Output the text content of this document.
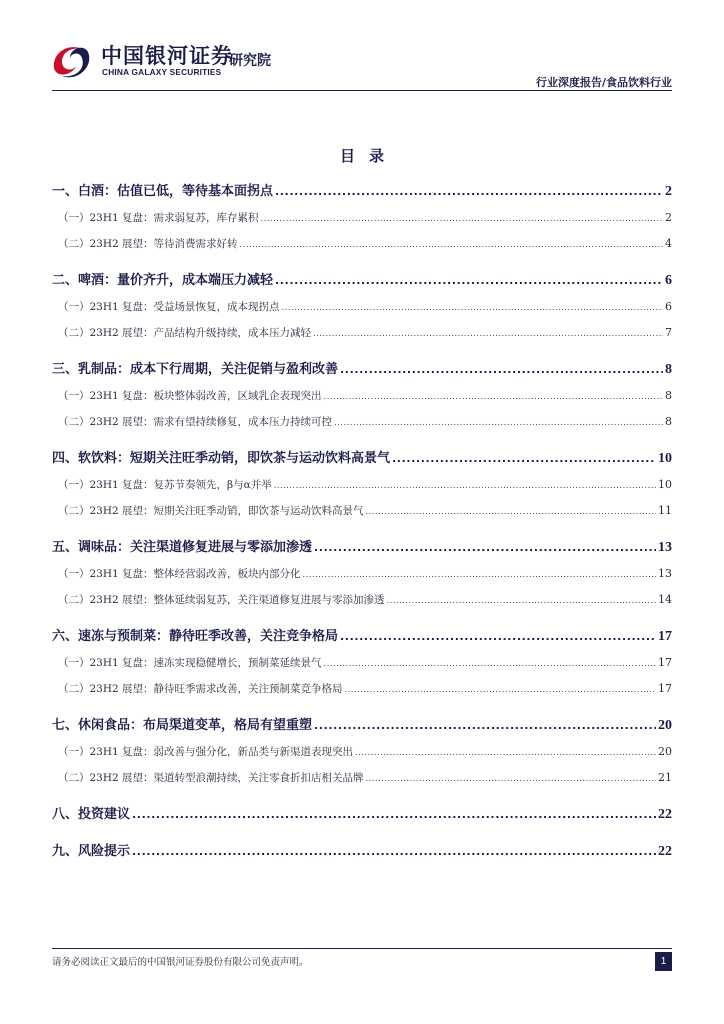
中国银河证券
CHINA GALAXY SECURITIES
研究院
行业深度报告/食品饮料行业
目录
一、白酒：估值已低，等待基本面拐点 .....	2
（一）23H1 复盘：需求弱复苏，库存累积 .....	2
（二）23H2 展望：等待消费需求好转 .....	4
二、啤酒：量价齐升，成本端压力减轻 .....	6
（一）23H1 复盘：受益场景恢复，成本现拐点 .....	6
（二）23H2 展望：产品结构升级持续，成本压力减轻 .....	7
三、乳制品：成本下行周期，关注促销与盈利改善 .....	8
（一）23H1 复盘：板块整体弱改善，区域乳企表现突出 .....	8
（二）23H2 展望：需求有望持续修复，成本压力持续可控 .....	8
四、软饮料：短期关注旺季动销，即饮茶与运动饮料高景气 .....	10
（一）23H1 复盘：复苏节奏领先，β与α并举 .....	10
（二）23H2 展望：短期关注旺季动销，即饮茶与运动饮料高景气 .....	11
五、调味品：关注渠道修复进展与零添加渗透 .....	13
（一）23H1 复盘：整体经营弱改善，板块内部分化 .....	13
（二）23H2 展望：整体延续弱复苏，关注渠道修复进展与零添加渗透 .....	14
六、速冻与预制菜：静待旺季改善，关注竞争格局 .....	17
（一）23H1 复盘：速冻实现稳健增长，预制菜延续景气 .....	17
（二）23H2 展望：静待旺季需求改善，关注预制菜竞争格局 .....	17
七、休闲食品：布局渠道变革，格局有望重塑 .....	20
（一）23H1 复盘：弱改善与强分化，新品类与新渠道表现突出 .....	20
（二）23H2 展望：渠道转型浪潮持续，关注零食折扣店相关品牌 .....	21
八、投资建议 .....	22
九、风险提示 .....	22
请务必阅读正文最后的中国银河证券股份有限公司免责声明。	1
